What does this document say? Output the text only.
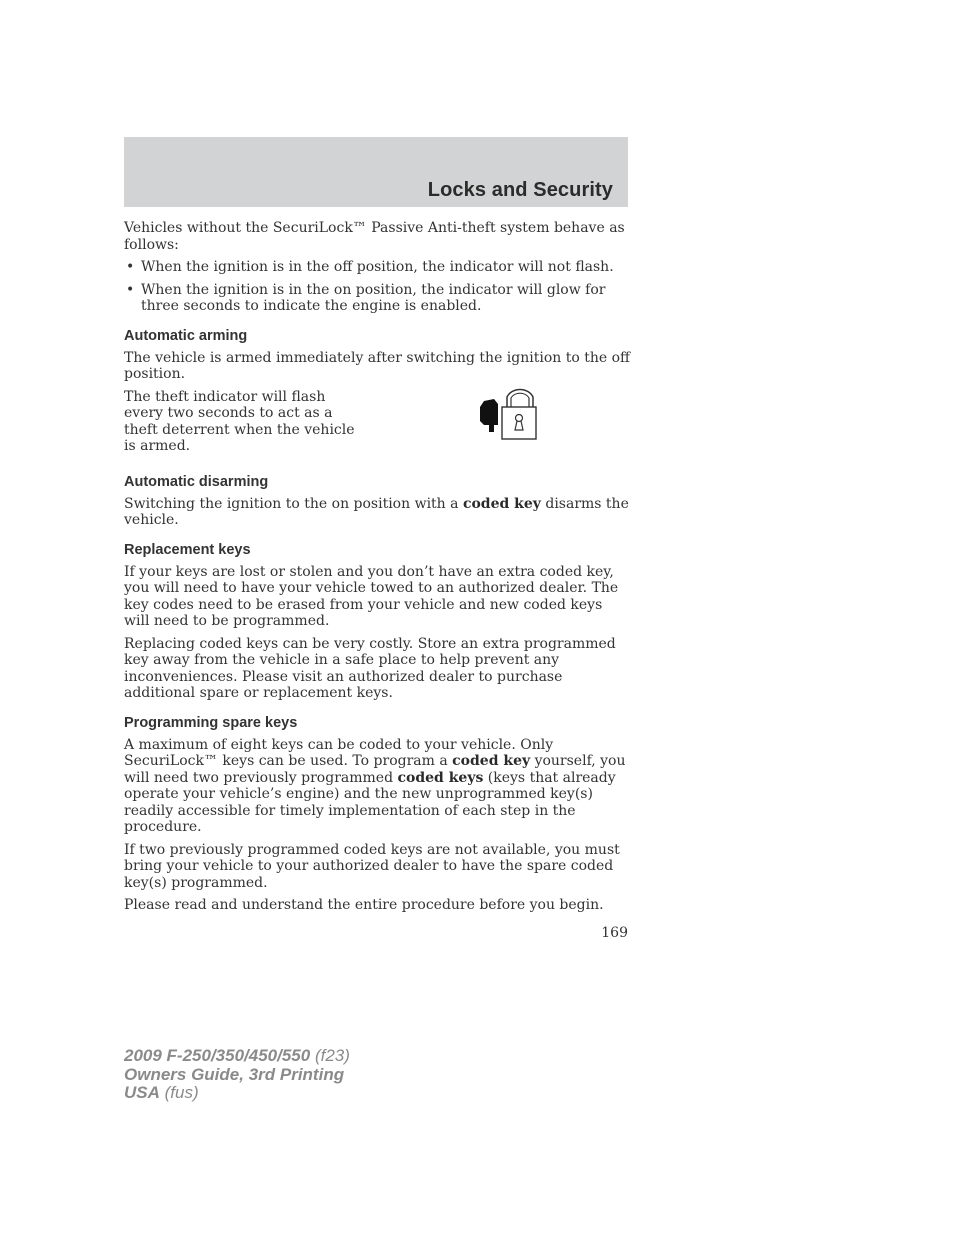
Locks and Security

Vehicles without the SecuriLock™ Passive Anti-theft system behave as follows:

• When the ignition is in the off position, the indicator will not flash.
• When the ignition is in the on position, the indicator will glow for three seconds to indicate the engine is enabled.
Automatic arming

The vehicle is armed immediately after switching the ignition to the off position.

The theft indicator will flash every two seconds to act as a theft deterrent when the vehicle is armed.

Automatic disarming

Switching the ignition to the on position with a coded key disarms the vehicle.

Replacement keys

If your keys are lost or stolen and you don’t have an extra coded key, you will need to have your vehicle towed to an authorized dealer. The key codes need to be erased from your vehicle and new coded keys will need to be programmed.

Replacing coded keys can be very costly. Store an extra programmed key away from the vehicle in a safe place to help prevent any inconveniences. Please visit an authorized dealer to purchase additional spare or replacement keys.

Programming spare keys

A maximum of eight keys can be coded to your vehicle. Only SecuriLock™ keys can be used. To program a coded key yourself, you will need two previously programmed coded keys (keys that already operate your vehicle’s engine) and the new unprogrammed key(s) readily accessible for timely implementation of each step in the procedure.

If two previously programmed coded keys are not available, you must bring your vehicle to your authorized dealer to have the spare coded key(s) programmed.

Please read and understand the entire procedure before you begin.

169
2009 F-250/350/450/550 (f23)
Owners Guide, 3rd Printing
USA (fus)
